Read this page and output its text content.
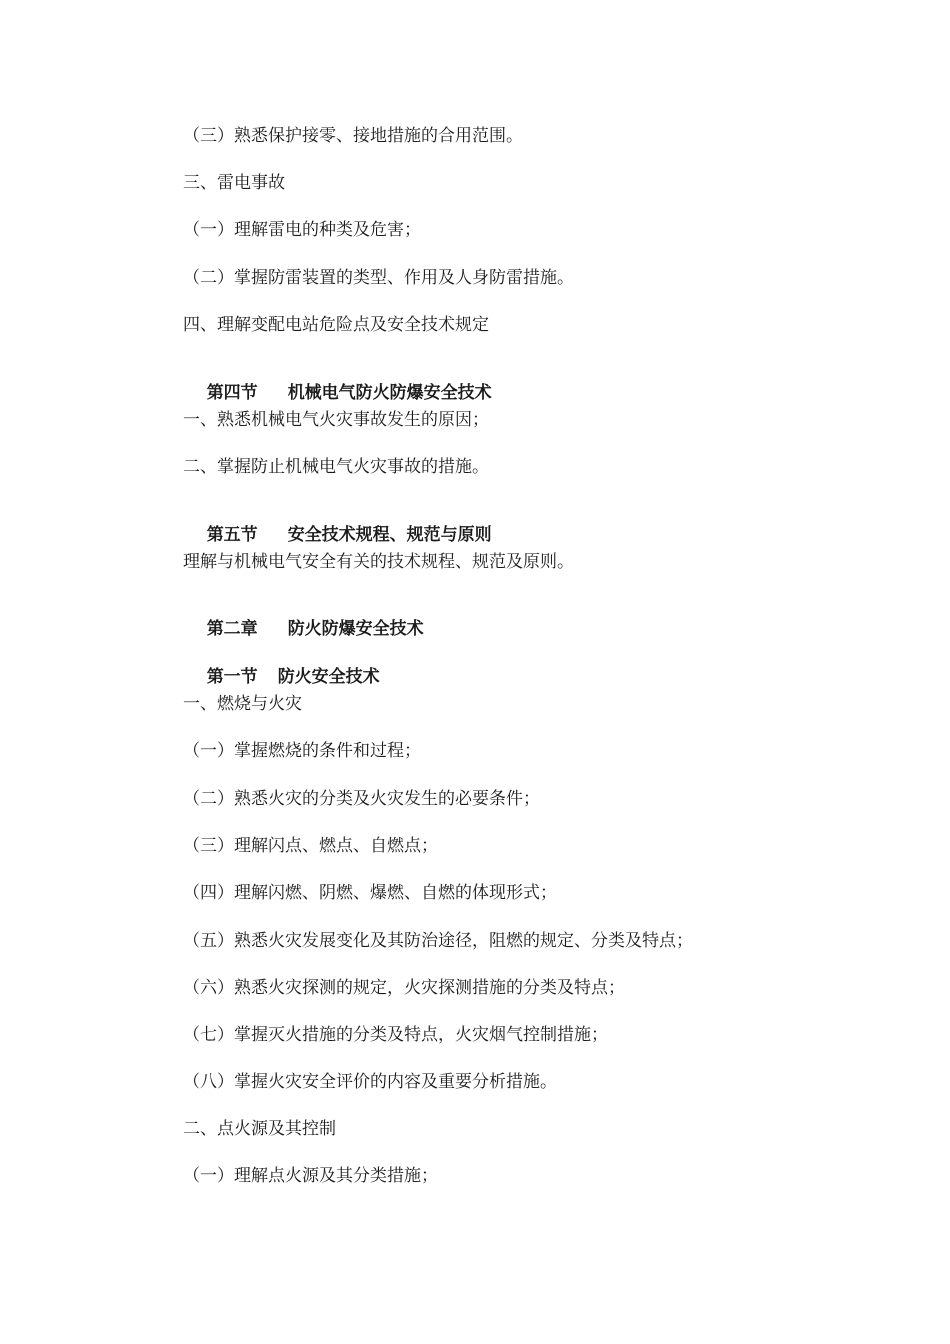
（三）熟悉保护接零、接地措施的合用范围。
三、雷电事故
（一）理解雷电的种类及危害；
（二）掌握防雷装置的类型、作用及人身防雷措施。
四、理解变配电站危险点及安全技术规定

第四节 机械电气防火防爆安全技术

一、熟悉机械电气火灾事故发生的原因；
二、掌握防止机械电气火灾事故的措施。

第五节 安全技术规程、规范与原则

理解与机械电气安全有关的技术规程、规范及原则。

第二章 防火防爆安全技术

第一节 防火安全技术

一、燃烧与火灾
（一）掌握燃烧的条件和过程；
（二）熟悉火灾的分类及火灾发生的必要条件；
（三）理解闪点、燃点、自燃点；
（四）理解闪燃、阴燃、爆燃、自燃的体现形式；
（五）熟悉火灾发展变化及其防治途径，阻燃的规定、分类及特点；
（六）熟悉火灾探测的规定，火灾探测措施的分类及特点；
（七）掌握灭火措施的分类及特点，火灾烟气控制措施；
（八）掌握火灾安全评价的内容及重要分析措施。
二、点火源及其控制
（一）理解点火源及其分类措施；
